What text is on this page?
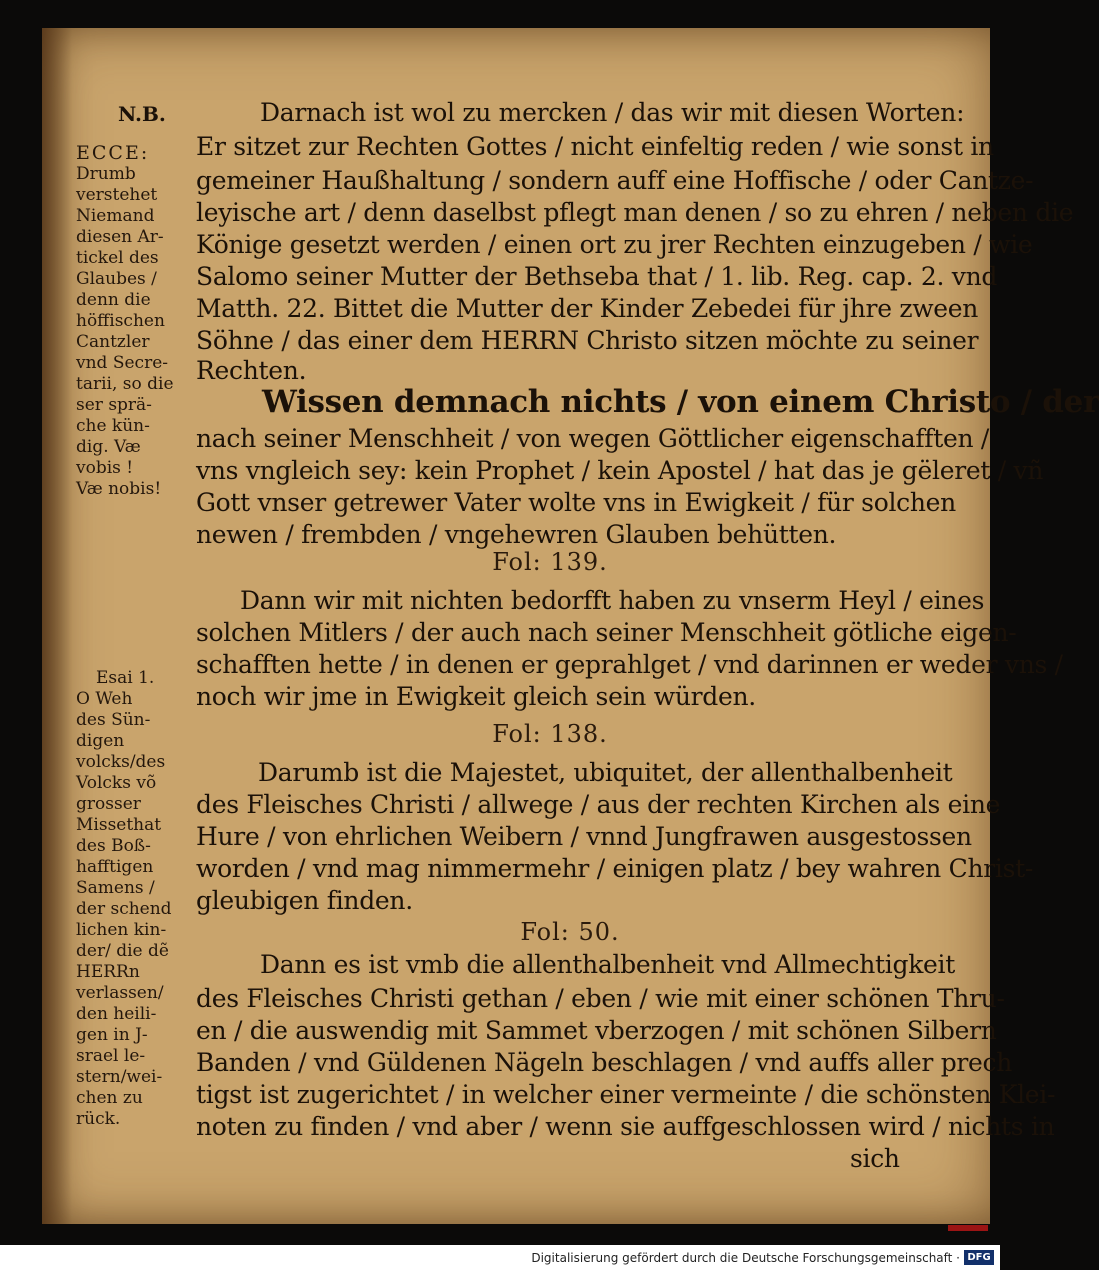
N.B.
ECCE:
Drumb
verstehet
Niemand
diesen Ar-
tickel des
Glaubes /
denn die
höffischen
Cantzler
vnd Secre-
tarii, so die
ser sprä-
che kün-
dig. Væ
vobis !
Væ nobis!
Esai 1.
O Weh
des Sün-
digen
volcks/des
Volcks võ
grosser
Missethat
des Boß-
hafftigen
Samens /
der schend
lichen kin-
der/ die dẽ
HERRn
verlassen/
den heili-
gen in J-
srael le-
stern/wei-
chen zu
rück.
Darnach ist wol zu mercken / das wir mit diesen Worten:
Er sitzet zur Rechten Gottes / nicht einfeltig reden / wie sonst in
gemeiner Haußhaltung / sondern auff eine Hoffische / oder Cantze-
leyische art / denn daselbst pflegt man denen / so zu ehren / neben die
Könige gesetzt werden / einen ort zu jrer Rechten einzugeben / wie
Salomo seiner Mutter der Bethseba that / 1. lib. Reg. cap. 2. vnd
Matth. 22. Bittet die Mutter der Kinder Zebedei für jhre zween
Söhne / das einer dem HERRN Christo sitzen möchte zu seiner
Rechten.
Wissen demnach nichts / von einem Christo / der
nach seiner Menschheit / von wegen Göttlicher eigenschafften /
vns vngleich sey: kein Prophet / kein Apostel / hat das je gëleret / vñ
Gott vnser getrewer Vater wolte vns in Ewigkeit / für solchen
newen / frembden / vngehewren Glauben behütten.
Fol: 139.
Dann wir mit nichten bedorfft haben zu vnserm Heyl / eines
solchen Mitlers / der auch nach seiner Menschheit götliche eigen-
schafften hette / in denen er geprahlget / vnd darinnen er weder vns /
noch wir jme in Ewigkeit gleich sein würden.
Fol: 138.
Darumb ist die Majestet, ubiquitet, der allenthalbenheit
des Fleisches Christi / allwege / aus der rechten Kirchen als eine
Hure / von ehrlichen Weibern / vnnd Jungfrawen ausgestossen
worden / vnd mag nimmermehr / einigen platz / bey wahren Christ-
gleubigen finden.
Fol: 50.
Dann es ist vmb die allenthalbenheit vnd Allmechtigkeit
des Fleisches Christi gethan / eben / wie mit einer schönen Thru-
en / die auswendig mit Sammet vberzogen / mit schönen Silbern
Banden / vnd Güldenen Nägeln beschlagen / vnd auffs aller prech
tigst ist zugerichtet / in welcher einer vermeinte / die schönsten Klei-
noten zu finden / vnd aber / wenn sie auffgeschlossen wird / nichts in
sich
Digitalisierung gefördert durch die Deutsche Forschungsgemeinschaft · DFG
